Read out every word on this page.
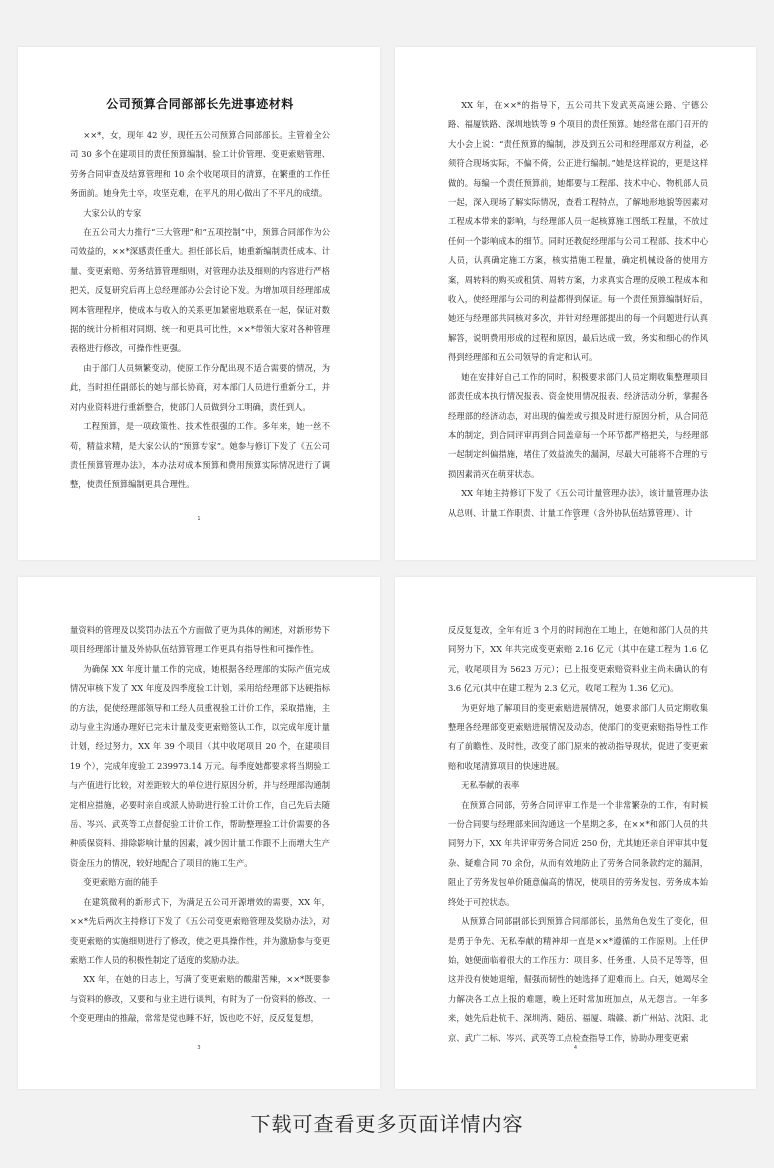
公司预算合同部部长先进事迹材料

××*，女，现年 42 岁，现任五公司预算合同部部长。主管着全公司 30 多个在建项目的责任预算编制、验工计价管理、变更索赔管理、劳务合同审查及结算管理和 10 余个收尾项目的清算，在繁重的工作任务面前。她身先士卒，攻坚克难，在平凡的用心做出了不平凡的成绩。

大家公认的专家

在五公司大力推行“三大管理”和“五项控制”中，预算合同部作为公司效益的，××*深感责任重大。担任部长后，她重新编制责任成本、计量、变更索赔、劳务结算管理细则，对管理办法及细则的内容进行严格把关，反复研究后再上总经理部办公会讨论下发。为增加项目经理部成网本管理程序，使成本与收入的关系更加紧密地联系在一起，保证对数据的统计分析相对同期、统一和更具可比性，××*带领大家对各种管理表格进行修改，可操作性更强。

由于部门人员频繁变动，使原工作分配出现不适合需要的情况，为此，当时担任副部长的她与部长协商，对本部门人员进行重新分工，并对内业资料进行重新整合，使部门人员做到分工明确，责任到人。

工程预算，是一项政策性、技术性很强的工作。多年来，她一丝不苟，精益求精，是大家公认的“预算专家”。她参与修订下发了《五公司责任预算管理办法》，本办法对成本预算和费用预算实际情况进行了调整，使责任预算编制更具合理性。

1

XX 年，在××*的指导下，五公司共下发武英高速公路、宁德公路、福厦铁路、深圳地铁等 9 个项目的责任预算。她经常在部门召开的大小会上说：“责任预算的编制，涉及到五公司和经理部双方利益，必须符合现场实际，不偏不倚，公正进行编制。”她是这样说的，更是这样做的。每编一个责任预算前，她都要与工程部、技术中心、物机部人员一起，深入现场了解实际情况，查看工程特点，了解地形地貌等因素对工程成本带来的影响，与经理部人员一起核算施工图纸工程量，不放过任何一个影响成本的细节。同时还教促经理部与公司工程部、技术中心人员，认真确定施工方案，核实措施工程量，确定机械设备的使用方案，周转料的购买或租赁、周转方案，力求真实合理的反映工程成本和收入，使经理部与公司的利益都得到保证。每一个责任预算编制好后，她还与经理部共同核对多次，并针对经理部提出的每一个问题进行认真解答，说明费用形成的过程和原因，最后达成一致，务实和细心的作风得到经理部和五公司领导的肯定和认可。

她在安排好自己工作的同时，积极要求部门人员定期收集整理项目部责任成本执行情况报表、资金使用情况报表、经济活动分析，掌握各经理部的经济动态，对出现的偏差或亏损及时进行原因分析，从合同范本的制定，到合同评审再到合同盖章每一个环节都严格把关，与经理部一起制定纠偏措施，堵住了效益流失的漏洞，尽最大可能将不合理的亏损因素消灭在萌芽状态。

XX 年她主持修订下发了《五公司计量管理办法》，该计量管理办法从总则、计量工作职责、计量工作管理（含外协队伍结算管理）、计

2

量资料的管理及以奖罚办法五个方面做了更为具体的阐述，对新形势下项目经理部计量及外协队伍结算管理工作更具有指导性和可操作性。

为确保 XX 年度计量工作的完成，她根据各经理部的实际产值完成情况审核下发了 XX 年度及四季度验工计划，采用给经理部下达硬指标的方法，促使经理部领导和工经人员重视验工计价工作，采取措施，主动与业主沟通办理好已完未计量及变更索赔签认工作，以完成年度计量计划，经过努力，XX 年 39 个项目（其中收尾项目 20 个，在建项目 19 个），完成年度验工 239973.14 万元。每季度她都要求将当期验工与产值进行比较，对差距较大的单位进行原因分析，并与经理部沟通制定相应措施，必要时亲自或派人协助进行验工计价工作，自己先后去随岳、岑兴、武英等工点督促验工计价工作，帮助整理验工计价需要的各种质保资料、排除影响计量的因素，减少因计量工作跟不上而增大生产资金压力的情况，较好地配合了项目的施工生产。

变更索赔方面的能手

在建筑微利的新形式下，为满足五公司开源增效的需要，XX 年，××*先后两次主持修订下发了《五公司变更索赔管理及奖励办法》，对变更索赔的实施细则进行了修改，使之更具操作性，并为激励参与变更索赔工作人员的积极性制定了适度的奖励办法。

XX 年，在她的日志上，写满了变更索赔的酸甜苦辣，××*既要参与资料的修改，又要和与业主进行谈判，有时为了一份资料的修改、一个变更理由的推敲，常常是觉也睡不好，饭也吃不好，反反复复想，

3

反反复复改，全年有近 3 个月的时间泡在工地上，在她和部门人员的共同努力下，XX 年共完成变更索赔 2.16 亿元（其中在建工程为 1.6 亿元，收尾项目为 5623 万元）；已上报变更索赔资料业主尚未确认的有 3.6 亿元(其中在建工程为 2.3 亿元，收尾工程为 1.36 亿元)。

为更好地了解项目的变更索赔进展情况，她要求部门人员定期收集整理各经理部变更索赔进展情况及动态，使部门的变更索赔指导性工作有了前瞻性、及时性，改变了部门原来的被动指导现状，促进了变更索赔和收尾清算项目的快速进展。

无私奉献的表率

在预算合同部，劳务合同评审工作是一个非常繁杂的工作，有时候一份合同要与经理部来回沟通这一个星期之多，在××*和部门人员的共同努力下，XX 年共评审劳务合同近 250 份，尤其她还亲自评审其中复杂、疑难合同 70 余份，从而有效地防止了劳务合同条款约定的漏洞，阻止了劳务发包单价随意偏高的情况，使项目的劳务发包、劳务成本始终处于可控状态。

从预算合同部副部长到预算合同部部长，虽然角色发生了变化，但是勇于争先、无私奉献的精神却一直是××*遵循的工作原则。上任伊始，她便面临着很大的工作压力：项目多、任务重、人员不足等等，但这并没有使她退缩，倔强而韧性的她选择了迎难而上。白天，她竭尽全力解决各工点上报的难题，晚上还时常加班加点，从无怨言。一年多来，她先后赴杭千、深圳湾、随岳、福厦、瑞赣、新广州站、沈阳、北京、武广二标、岑兴、武英等工点检查指导工作，协助办理变更索

4
下载可查看更多页面详情内容
